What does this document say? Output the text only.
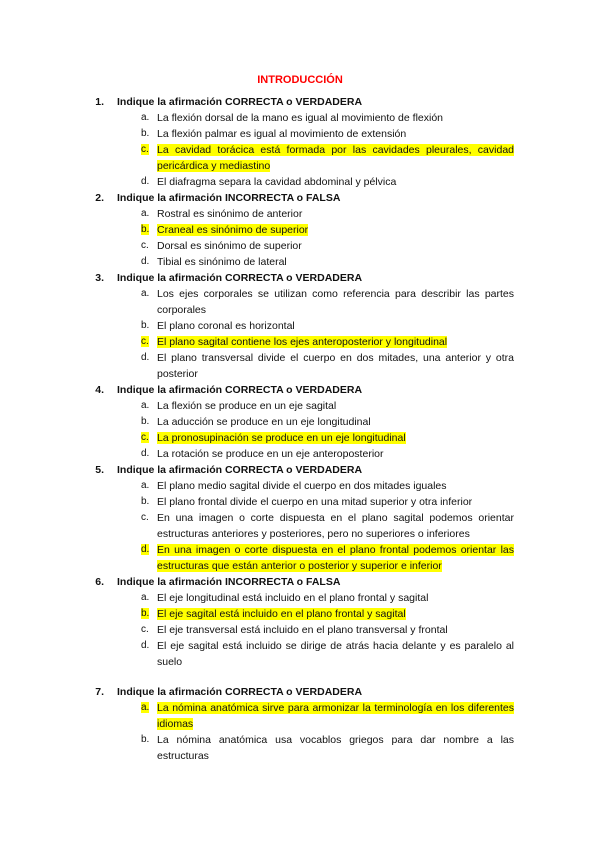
INTRODUCCIÓN
1. Indique la afirmación CORRECTA o VERDADERA
a. La flexión dorsal de la mano es igual al movimiento de flexión
b. La flexión palmar es igual al movimiento de extensión
c. La cavidad torácica está formada por las cavidades pleurales, cavidad pericárdica y mediastino
d. El diafragma separa la cavidad abdominal y pélvica
2. Indique la afirmación INCORRECTA o FALSA
a. Rostral es sinónimo de anterior
b. Craneal es sinónimo de superior
c. Dorsal es sinónimo de superior
d. Tibial es sinónimo de lateral
3. Indique la afirmación CORRECTA o VERDADERA
a. Los ejes corporales se utilizan como referencia para describir las partes corporales
b. El plano coronal es horizontal
c. El plano sagital contiene los ejes anteroposterior y longitudinal
d. El plano transversal divide el cuerpo en dos mitades, una anterior y otra posterior
4. Indique la afirmación CORRECTA o VERDADERA
a. La flexión se produce en un eje sagital
b. La aducción se produce en un eje longitudinal
c. La pronosupinación se produce en un eje longitudinal
d. La rotación se produce en un eje anteroposterior
5. Indique la afirmación CORRECTA o VERDADERA
a. El plano medio sagital divide el cuerpo en dos mitades iguales
b. El plano frontal divide el cuerpo en una mitad superior y otra inferior
c. En una imagen o corte dispuesta en el plano sagital podemos orientar estructuras anteriores y posteriores, pero no superiores o inferiores
d. En una imagen o corte dispuesta en el plano frontal podemos orientar las estructuras que están anterior o posterior y superior e inferior
6. Indique la afirmación INCORRECTA o FALSA
a. El eje longitudinal está incluido en el plano frontal y sagital
b. El eje sagital está incluido en el plano frontal y sagital
c. El eje transversal está incluido en el plano transversal y frontal
d. El eje sagital está incluido se dirige de atrás hacia delante y es paralelo al suelo
7. Indique la afirmación CORRECTA o VERDADERA
a. La nómina anatómica sirve para armonizar la terminología en los diferentes idiomas
b. La nómina anatómica usa vocablos griegos para dar nombre a las estructuras
